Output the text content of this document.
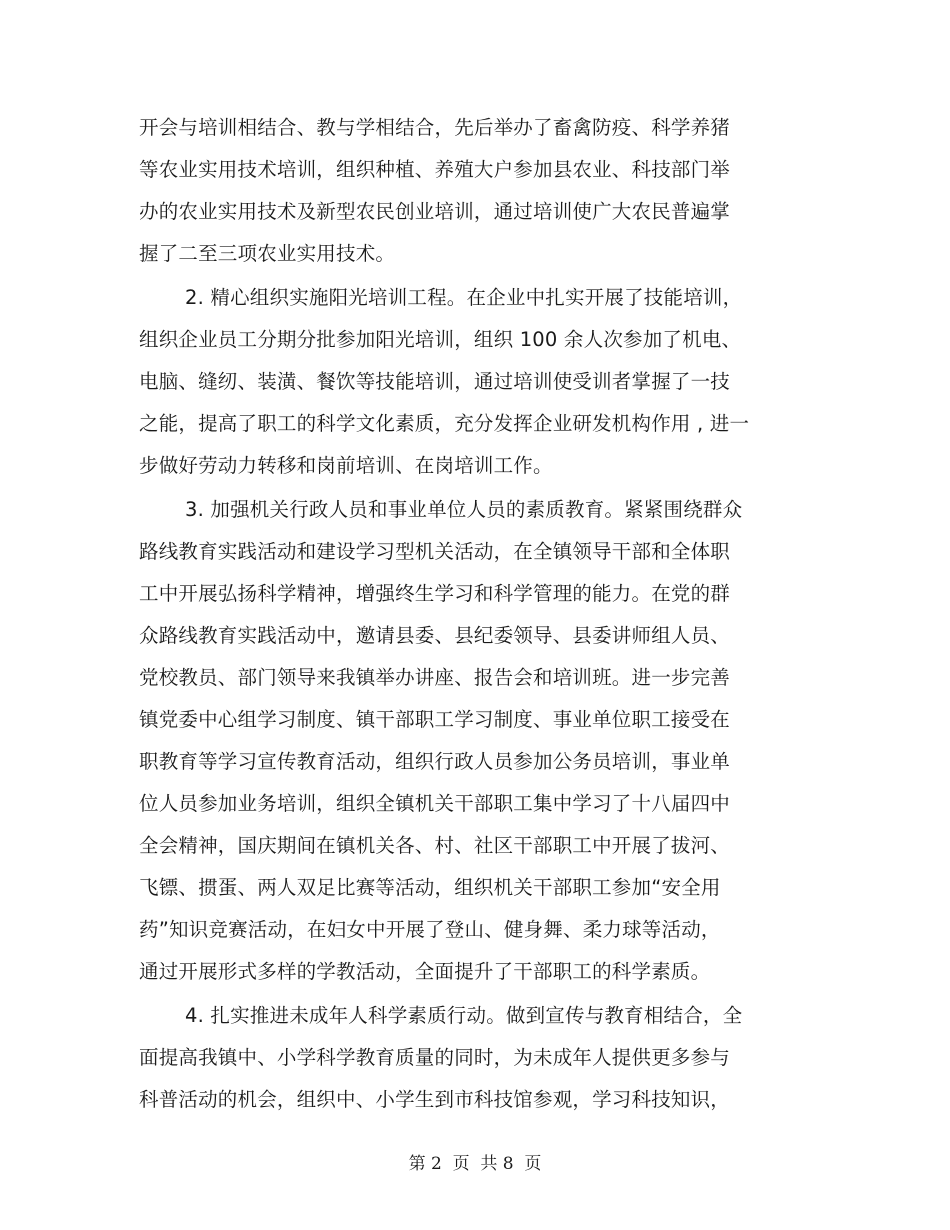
开会与培训相结合、教与学相结合，先后举办了畜禽防疫、科学养猪
等农业实用技术培训，组织种植、养殖大户参加县农业、科技部门举
办的农业实用技术及新型农民创业培训，通过培训使广大农民普遍掌
握了二至三项农业实用技术。
2. 精心组织实施阳光培训工程。在企业中扎实开展了技能培训，
组织企业员工分期分批参加阳光培训，组织 100 余人次参加了机电、
电脑、缝纫、装潢、餐饮等技能培训，通过培训使受训者掌握了一技
之能，提高了职工的科学文化素质，充分发挥企业研发机构作用 , 进一
步做好劳动力转移和岗前培训、在岗培训工作。
3. 加强机关行政人员和事业单位人员的素质教育。紧紧围绕群众
路线教育实践活动和建设学习型机关活动，在全镇领导干部和全体职
工中开展弘扬科学精神，增强终生学习和科学管理的能力。在党的群
众路线教育实践活动中，邀请县委、县纪委领导、县委讲师组人员、
党校教员、部门领导来我镇举办讲座、报告会和培训班。进一步完善
镇党委中心组学习制度、镇干部职工学习制度、事业单位职工接受在
职教育等学习宣传教育活动，组织行政人员参加公务员培训，事业单
位人员参加业务培训，组织全镇机关干部职工集中学习了十八届四中
全会精神，国庆期间在镇机关各、村、社区干部职工中开展了拔河、
飞镖、掼蛋、两人双足比赛等活动，组织机关干部职工参加“安全用
药”知识竞赛活动，在妇女中开展了登山、健身舞、柔力球等活动，
通过开展形式多样的学教活动，全面提升了干部职工的科学素质。
4. 扎实推进未成年人科学素质行动。做到宣传与教育相结合，全
面提高我镇中、小学科学教育质量的同时，为未成年人提供更多参与
科普活动的机会，组织中、小学生到市科技馆参观，学习科技知识，
第 2  页  共 8  页
